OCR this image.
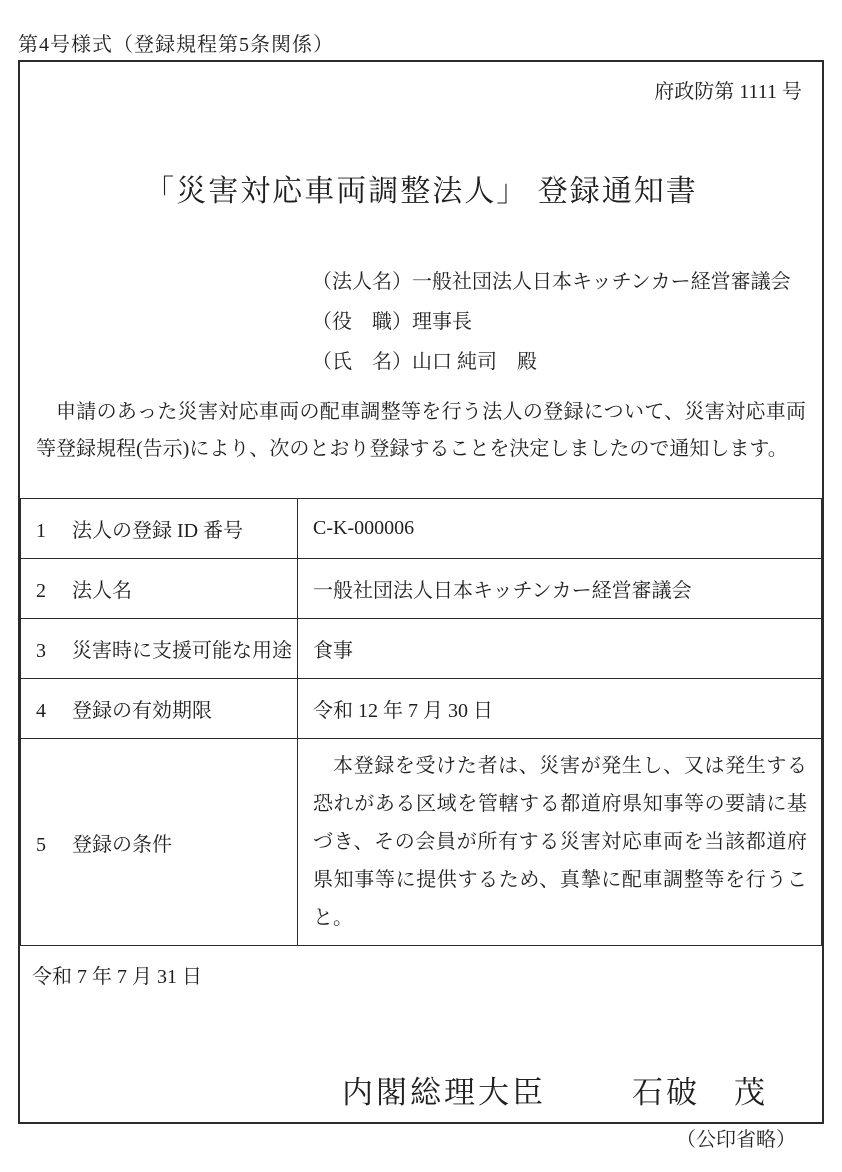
第4号様式（登録規程第5条関係）
府政防第 1111 号
「災害対応車両調整法人」 登録通知書
（法人名）一般社団法人日本キッチンカー経営審議会
（役　職）理事長
（氏　名）山口 純司　殿
申請のあった災害対応車両の配車調整等を行う法人の登録について、災害対応車両等登録規程(告示)により、次のとおり登録することを決定しましたので通知します。
1 法人の登録 ID 番号	C-K-000006
2 法人名	一般社団法人日本キッチンカー経営審議会
3 災害時に支援可能な用途	食事
4 登録の有効期限	令和 12 年 7 月 30 日
5 登録の条件	本登録を受けた者は、災害が発生し、又は発生する恐れがある区域を管轄する都道府県知事等の要請に基づき、その会員が所有する災害対応車両を当該都道府県知事等に提供するため、真摯に配車調整等を行うこと。
令和 7 年 7 月 31 日
内閣総理大臣	石破　茂
（公印省略）
